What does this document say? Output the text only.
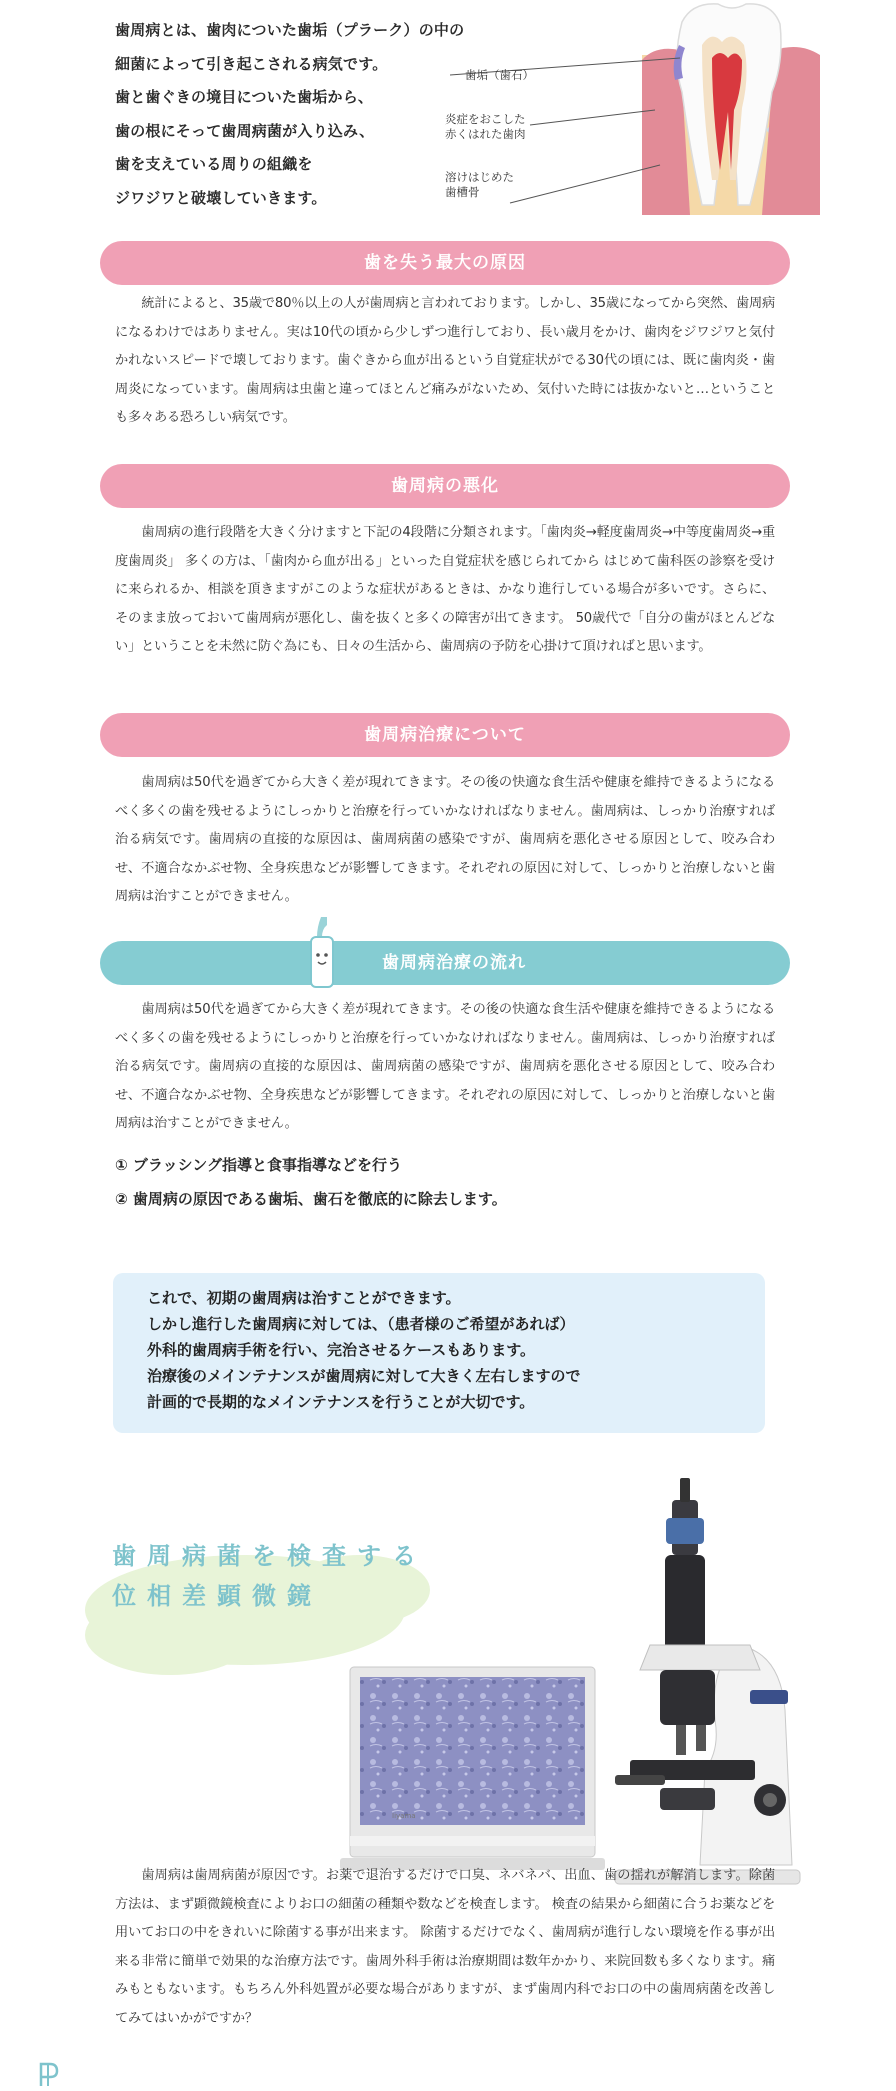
歯周病とは、歯肉についた歯垢（プラーク）の中の
細菌によって引き起こされる病気です。
歯と歯ぐきの境目についた歯垢から、
歯の根にそって歯周病菌が入り込み、
歯を支えている周りの組織を
ジワジワと破壊していきます。
歯垢（歯石）
炎症をおこした
赤くはれた歯肉
溶けはじめた
歯槽骨
歯を失う最大の原因

統計によると、35歳で80％以上の人が歯周病と言われております。しかし、35歳になってから突然、歯周病になるわけではありません。実は10代の頃から少しずつ進行しており、長い歳月をかけ、歯肉をジワジワと気付かれないスピードで壊しております。歯ぐきから血が出るという自覚症状がでる30代の頃には、既に歯肉炎・歯周炎になっています。歯周病は虫歯と違ってほとんど痛みがないため、気付いた時には抜かないと…ということも多々ある恐ろしい病気です。

歯周病の悪化

歯周病の進行段階を大きく分けますと下記の4段階に分類されます。「歯肉炎→軽度歯周炎→中等度歯周炎→重度歯周炎」 多くの方は、「歯肉から血が出る」といった自覚症状を感じられてから はじめて歯科医の診察を受けに来られるか、相談を頂きますがこのような症状があるときは、かなり進行している場合が多いです。さらに、そのまま放っておいて歯周病が悪化し、歯を抜くと多くの障害が出てきます。 50歳代で「自分の歯がほとんどない」ということを未然に防ぐ為にも、日々の生活から、歯周病の予防を心掛けて頂ければと思います。

歯周病治療について

歯周病は50代を過ぎてから大きく差が現れてきます。その後の快適な食生活や健康を維持できるようになるべく多くの歯を残せるようにしっかりと治療を行っていかなければなりません。歯周病は、しっかり治療すれば治る病気です。歯周病の直接的な原因は、歯周病菌の感染ですが、歯周病を悪化させる原因として、咬み合わせ、不適合なかぶせ物、全身疾患などが影響してきます。それぞれの原因に対して、しっかりと治療しないと歯周病は治すことができません。

歯周病治療の流れ

歯周病は50代を過ぎてから大きく差が現れてきます。その後の快適な食生活や健康を維持できるようになるべく多くの歯を残せるようにしっかりと治療を行っていかなければなりません。歯周病は、しっかり治療すれば治る病気です。歯周病の直接的な原因は、歯周病菌の感染ですが、歯周病を悪化させる原因として、咬み合わせ、不適合なかぶせ物、全身疾患などが影響してきます。それぞれの原因に対して、しっかりと治療しないと歯周病は治すことができません。

① ブラッシング指導と食事指導などを行う
② 歯周病の原因である歯垢、歯石を徹底的に除去します。
これで、初期の歯周病は治すことができます。
しかし進行した歯周病に対しては、（患者様のご希望があれば）
外科的歯周病手術を行い、完治させるケースもあります。
治療後のメインテナンスが歯周病に対して大きく左右しますので
計画的で長期的なメインテナンスを行うことが大切です。
Iiyama
歯周病菌を検査する
位相差顕微鏡

歯周病は歯周病菌が原因です。お薬で退治するだけで口臭、ネバネバ、出血、歯の揺れが解消します。除菌方法は、まず顕微鏡検査によりお口の細菌の種類や数などを検査します。 検査の結果から細菌に合うお薬などを用いてお口の中をきれいに除菌する事が出来ます。 除菌するだけでなく、歯周病が進行しない環境を作る事が出来る非常に簡単で効果的な治療方法です。歯周外科手術は治療期間は数年かかり、来院回数も多くなります。痛みもともないます。もちろん外科処置が必要な場合がありますが、まず歯周内科でお口の中の歯周病菌を改善してみてはいかがですか？
